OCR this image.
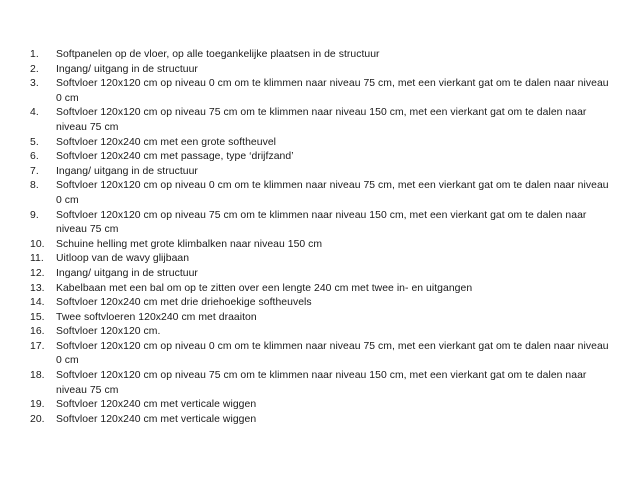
1. Softpanelen op de vloer, op alle toegankelijke plaatsen in de structuur
2. Ingang/ uitgang in de structuur
3. Softvloer 120x120 cm op niveau 0 cm om te klimmen naar niveau 75 cm, met een vierkant gat om te dalen naar niveau 0 cm
4. Softvloer 120x120 cm op niveau 75 cm om te klimmen naar niveau 150 cm, met een vierkant gat om te dalen naar niveau 75 cm
5. Softvloer 120x240 cm met een grote softheuvel
6. Softvloer 120x240 cm met passage, type ‘drijfzand’
7. Ingang/ uitgang in de structuur
8. Softvloer 120x120 cm op niveau 0 cm om te klimmen naar niveau 75 cm, met een vierkant gat om te dalen naar niveau 0 cm
9. Softvloer 120x120 cm op niveau 75 cm om te klimmen naar niveau 150 cm, met een vierkant gat om te dalen naar niveau 75 cm
10. Schuine helling met grote klimbalken naar niveau 150 cm
11. Uitloop van de wavy glijbaan
12. Ingang/ uitgang in de structuur
13. Kabelbaan met een bal om op te zitten over een lengte 240 cm met twee in- en uitgangen
14. Softvloer 120x240 cm met drie driehoekige softheuvels
15. Twee softvloeren 120x240 cm met draaiton
16. Softvloer 120x120 cm.
17. Softvloer 120x120 cm op niveau 0 cm om te klimmen naar niveau 75 cm, met een vierkant gat om te dalen naar niveau 0 cm
18. Softvloer 120x120 cm op niveau 75 cm om te klimmen naar niveau 150 cm, met een vierkant gat om te dalen naar niveau 75 cm
19. Softvloer 120x240 cm met verticale wiggen
20. Softvloer 120x240 cm met verticale wiggen
